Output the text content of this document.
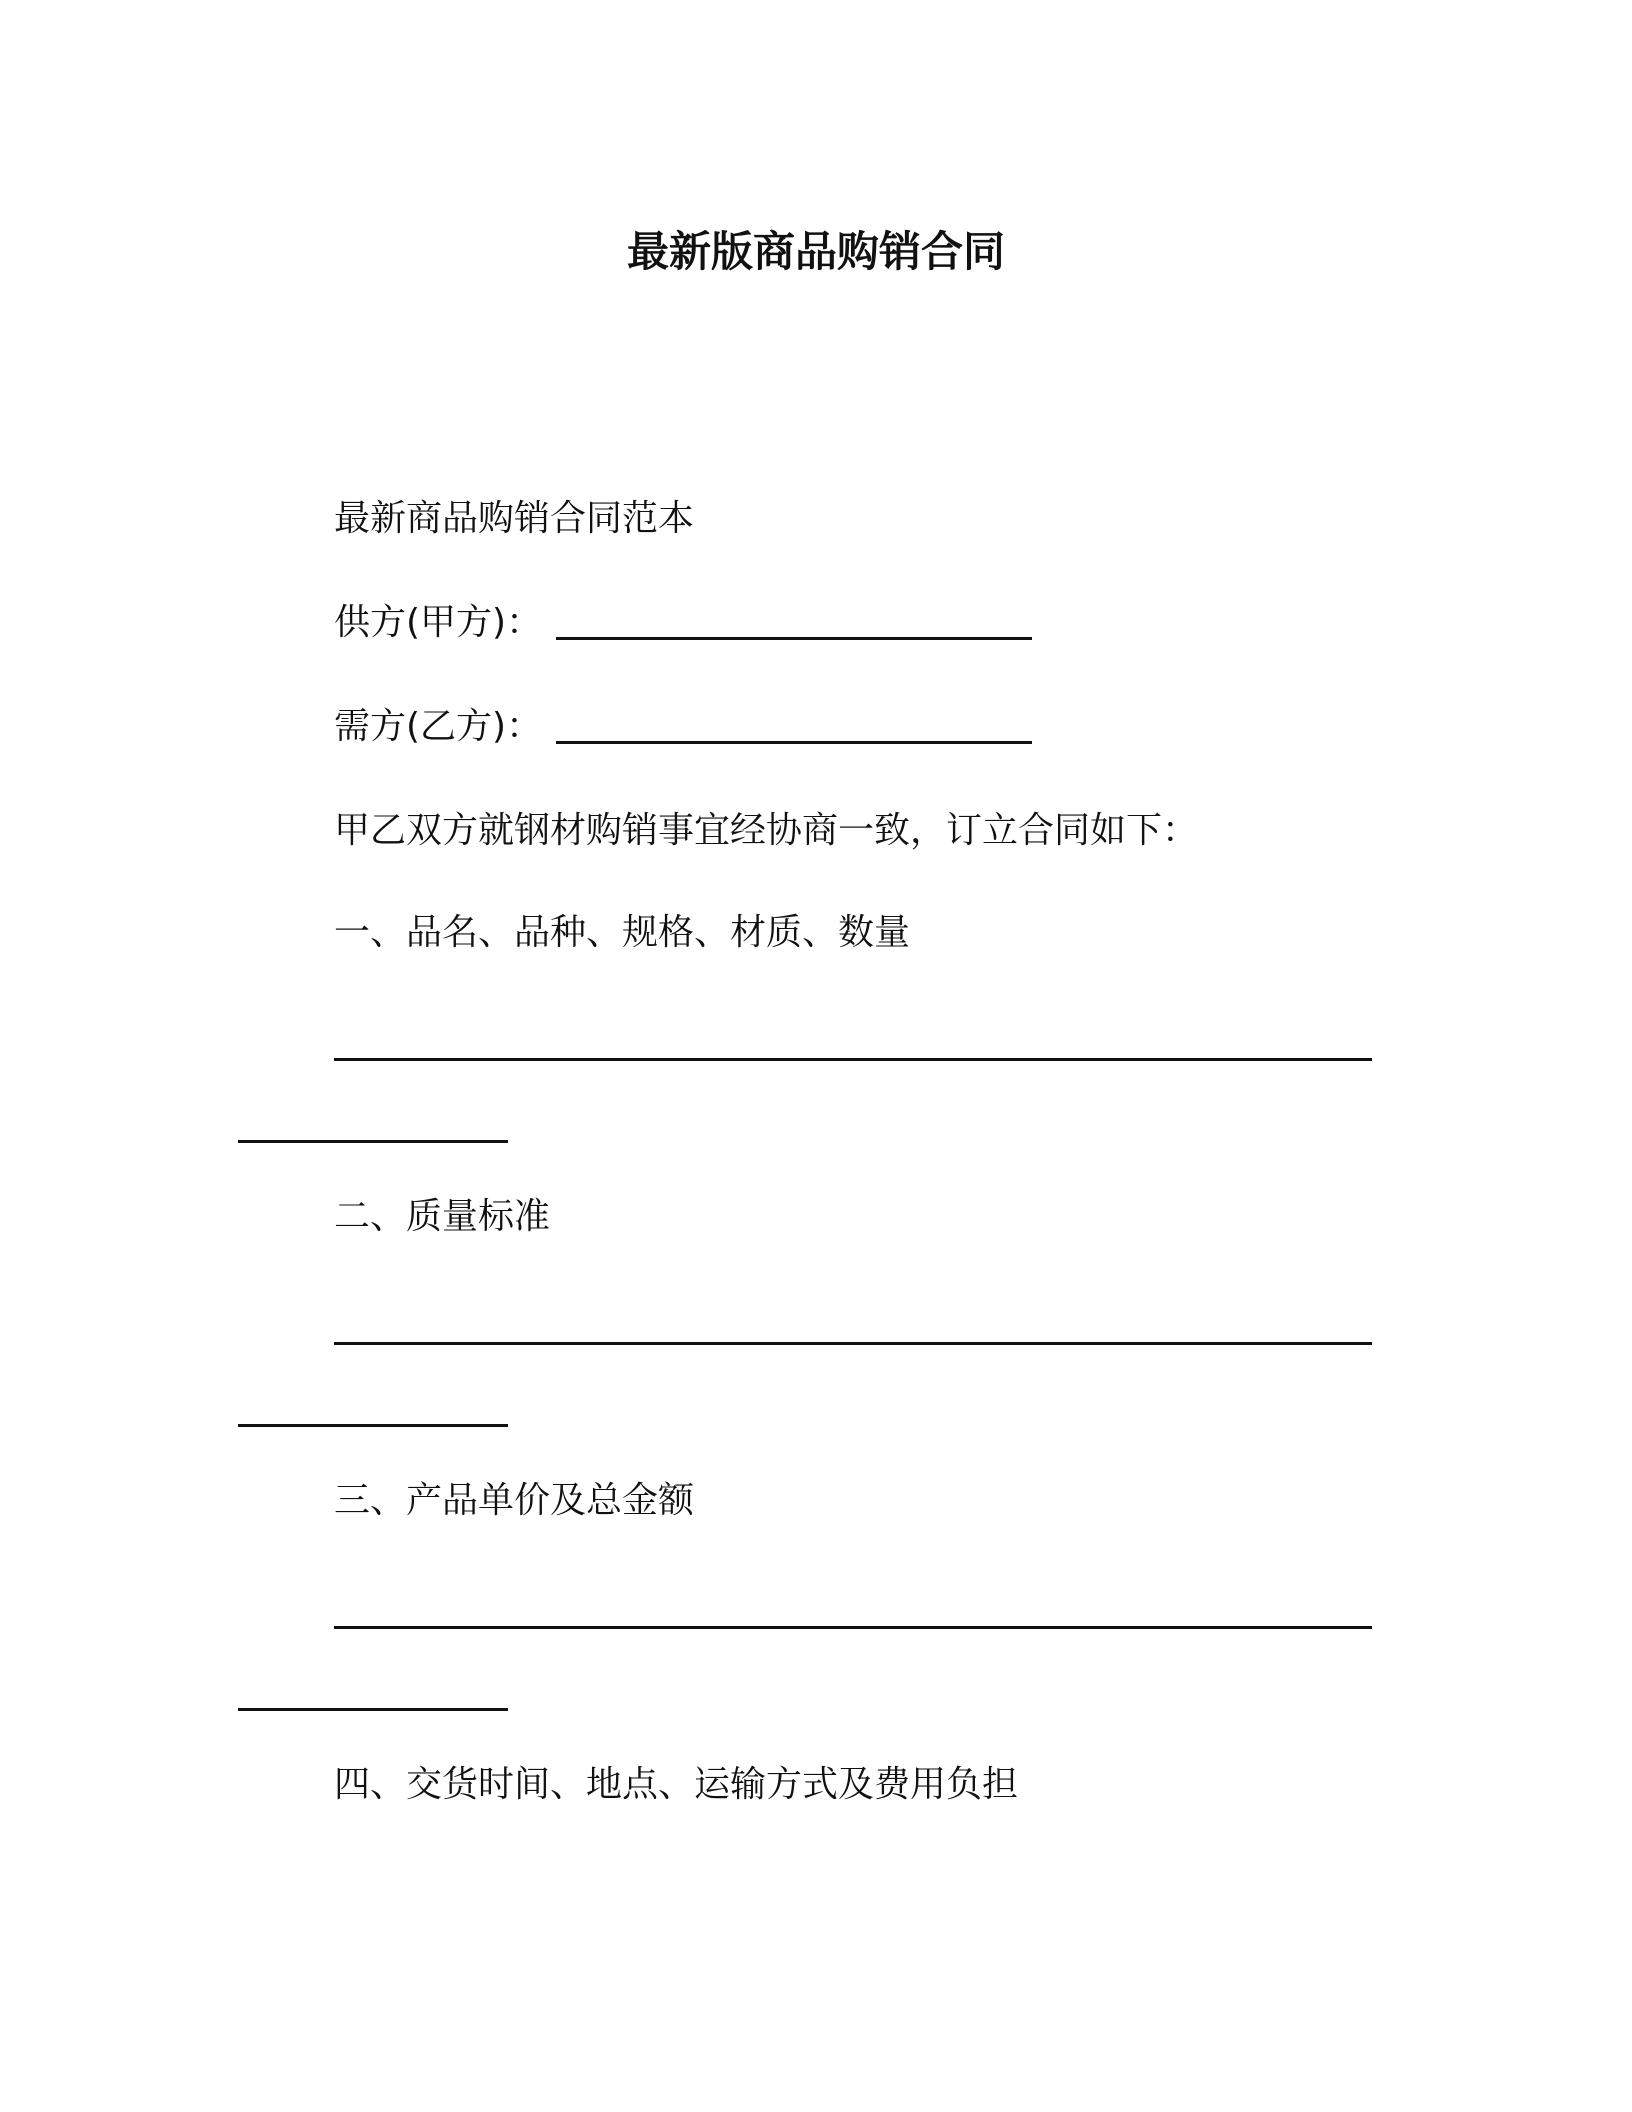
最新版商品购销合同
最新商品购销合同范本
供方(甲方)：
需方(乙方)：
甲乙双方就钢材购销事宜经协商一致，订立合同如下：
一、品名、品种、规格、材质、数量
二、质量标准
三、产品单价及总金额
四、交货时间、地点、运输方式及费用负担
